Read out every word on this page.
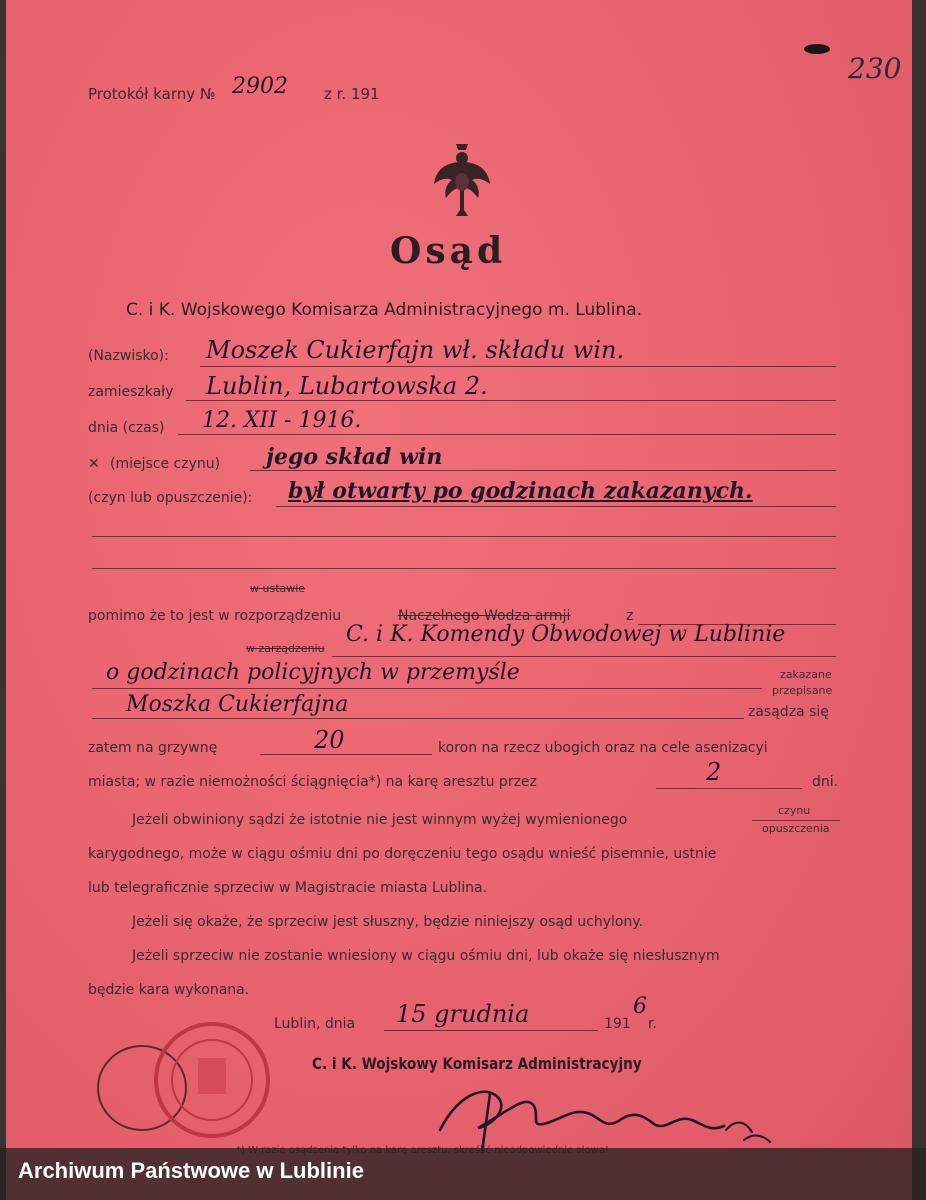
Protokół karny № 2902 z r. 191
230
Osąd
C. i K. Wojskowego Komisarza Administracyjnego m. Lublina.
(Nazwisko): Moszek Cukierfajn wł. składu win.
zamieszkały Lublin, Lubartowska 2.
dnia (czas) 12. XII - 1916.
✕ (miejsce czynu) jego skład win
(czyn lub opuszczenie): był otwarty po godzinach zakazanych.
w ustawie
pomimo że to jest w rozporządzeniu	Naczelnego Wodza armji	z
w zarządzeniu
C. i K. Komendy Obwodowej w Lublinie
o godzinach policyjnych w przemyśle	zakazane
przepisane
Moszka Cukierfajna	zasądza się
zatem na grzywnę	20	koron na rzecz ubogich oraz na cele asenizacyi
miasta; w razie niemożności ściągnięcia*) na karę aresztu przez	2	dni.
Jeżeli obwiniony sądzi że istotnie nie jest winnym wyżej wymienionego
czynu
opuszczenia
karygodnego, może w ciągu ośmiu dni po doręczeniu tego osądu wnieść pisemnie, ustnie
lub telegraficznie sprzeciw w Magistracie miasta Lublina.
Jeżeli się okaże, że sprzeciw jest słuszny, będzie niniejszy osąd uchylony.
Jeżeli sprzeciw nie zostanie wniesiony w ciągu ośmiu dni, lub okaże się niesłusznym
będzie kara wykonana.
Lublin, dnia 15 grudnia	191
6
r.
C. i K. Wojskowy Komisarz Administracyjny
Archiwum Państwowe w Lublinie
